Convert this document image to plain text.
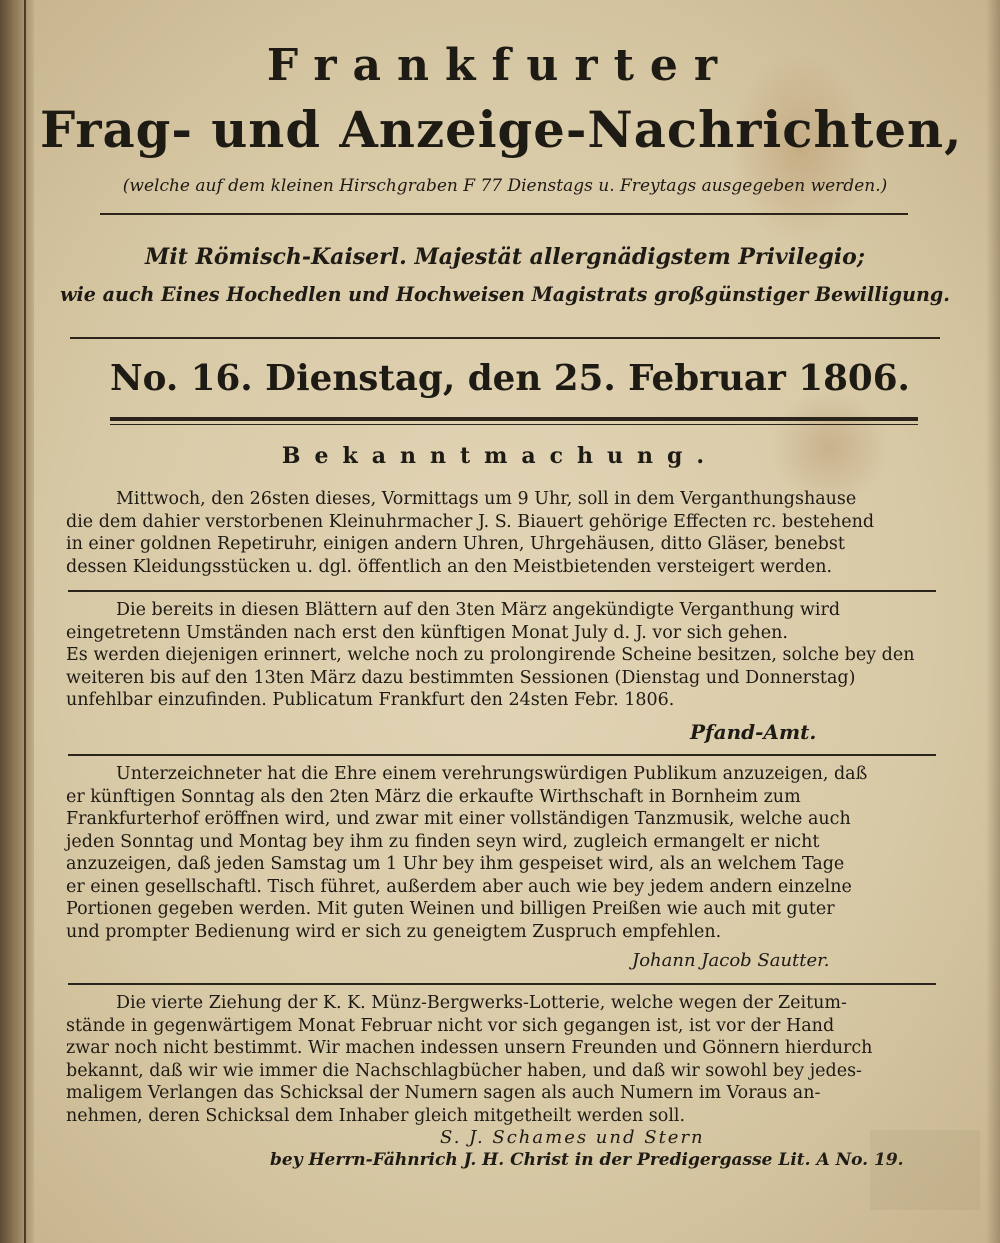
Frankfurter
Frag- und Anzeige-Nachrichten,
(welche auf dem kleinen Hirschgraben F 77 Dienstags u. Freytags ausgegeben werden.)
Mit Römisch-Kaiserl. Majestät allergnädigstem Privilegio;
wie auch Eines Hochedlen und Hochweisen Magistrats großgünstiger Bewilligung.
No. 16. Dienstag, den 25. Februar 1806.
Bekanntmachung.
Mittwoch, den 26sten dieses, Vormittags um 9 Uhr, soll in dem Verganthungshause
die dem dahier verstorbenen Kleinuhrmacher J. S. Biauert gehörige Effecten rc. bestehend
in einer goldnen Repetiruhr, einigen andern Uhren, Uhrgehäusen, ditto Gläser, benebst
dessen Kleidungsstücken u. dgl. öffentlich an den Meistbietenden versteigert werden.
Die bereits in diesen Blättern auf den 3ten März angekündigte Verganthung wird
eingetretenn Umständen nach erst den künftigen Monat July d. J. vor sich gehen.
Es werden diejenigen erinnert, welche noch zu prolongirende Scheine besitzen, solche bey den
weiteren bis auf den 13ten März dazu bestimmten Sessionen (Dienstag und Donnerstag)
unfehlbar einzufinden. Publicatum Frankfurt den 24sten Febr. 1806.
Pfand-Amt.
Unterzeichneter hat die Ehre einem verehrungswürdigen Publikum anzuzeigen, daß
er künftigen Sonntag als den 2ten März die erkaufte Wirthschaft in Bornheim zum
Frankfurterhof eröffnen wird, und zwar mit einer vollständigen Tanzmusik, welche auch
jeden Sonntag und Montag bey ihm zu finden seyn wird, zugleich ermangelt er nicht
anzuzeigen, daß jeden Samstag um 1 Uhr bey ihm gespeiset wird, als an welchem Tage
er einen gesellschaftl. Tisch führet, außerdem aber auch wie bey jedem andern einzelne
Portionen gegeben werden. Mit guten Weinen und billigen Preißen wie auch mit guter
und prompter Bedienung wird er sich zu geneigtem Zuspruch empfehlen.
Johann Jacob Sautter.
Die vierte Ziehung der K. K. Münz-Bergwerks-Lotterie, welche wegen der Zeitum-
stände in gegenwärtigem Monat Februar nicht vor sich gegangen ist, ist vor der Hand
zwar noch nicht bestimmt. Wir machen indessen unsern Freunden und Gönnern hierdurch
bekannt, daß wir wie immer die Nachschlagbücher haben, und daß wir sowohl bey jedes-
maligem Verlangen das Schicksal der Numern sagen als auch Numern im Voraus an-
nehmen, deren Schicksal dem Inhaber gleich mitgetheilt werden soll.
S. J. Schames und Stern
bey Herrn-Fähnrich J. H. Christ in der Predigergasse Lit. A No. 19.
